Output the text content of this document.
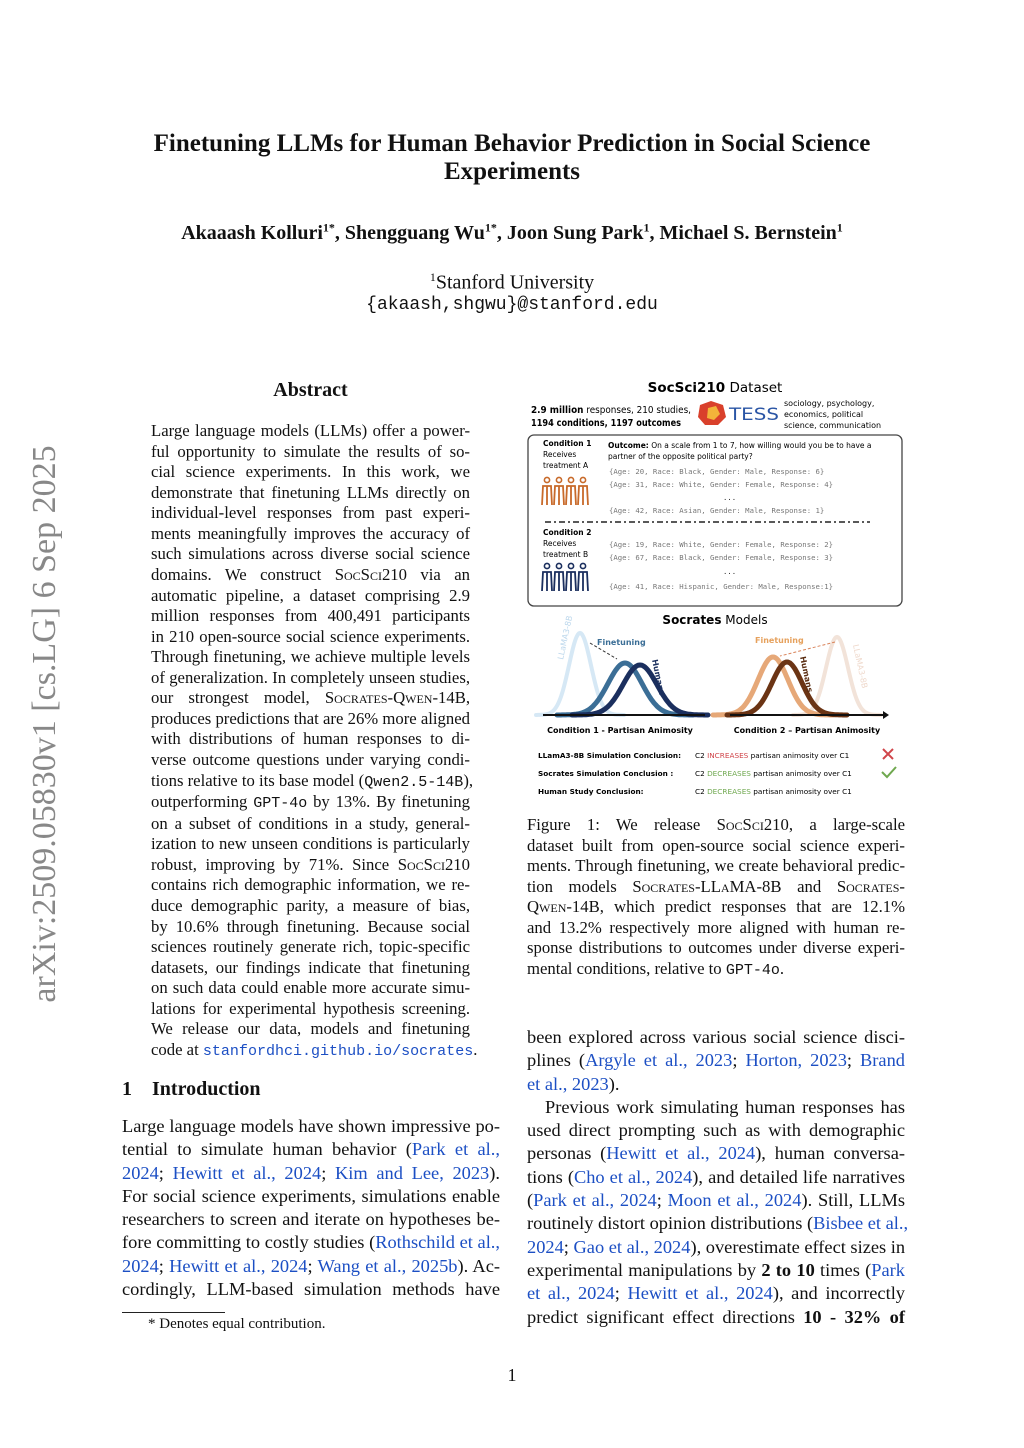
arXiv:2509.05830v1 [cs.LG] 6 Sep 2025
Finetuning LLMs for Human Behavior Prediction in Social Science Experiments
Akaaash Kolluri$^{1*}$, Shengguang $Wu^{1*}$, Joon Sung Park$^1$, Michael S. Bernstein$^1$
$^1$Stanford University
{akaash,shgwu}@stanford.edu
Abstract
Large language models (LLMs) offer a power-
ful opportunity to simulate the results of so-
cial science experiments. In this work, we
demonstrate that finetuning LLMs directly on
individual-level responses from past experi-
ments meaningfully improves the accuracy of
such simulations across diverse social science
domains. We construct SocSci210 via an
automatic pipeline, a dataset comprising 2.9
million responses from 400,491 participants
in 210 open-source social science experiments.
Through finetuning, we achieve multiple levels
of generalization. In completely unseen studies,
our strongest model, Socrates-Qwen-14B,
produces predictions that are 26% more aligned
with distributions of human responses to di-
verse outcome questions under varying condi-
tions relative to its base model (Qwen2.5-14B),
outperforming GPT-4o by 13%. By finetuning
on a subset of conditions in a study, general-
ization to new unseen conditions is particularly
robust, improving by 71%. Since SocSci210
contains rich demographic information, we re-
duce demographic parity, a measure of bias,
by 10.6% through finetuning. Because social
sciences routinely generate rich, topic-specific
datasets, our findings indicate that finetuning
on such data could enable more accurate simu-
lations for experimental hypothesis screening.
We release our data, models and finetuning
code at stanfordhci.github.io/socrates.
1 Introduction
Large language models have shown impressive po-
tential to simulate human behavior (Park et al.,
2024; Hewitt et al., 2024; Kim and Lee, 2023).
For social science experiments, simulations enable
researchers to screen and iterate on hypotheses be-
fore committing to costly studies (Rothschild et al.,
2024; Hewitt et al., 2024; Wang et al., 2025b). Ac-
cordingly, LLM-based simulation methods have
* Denotes equal contribution.
SocSci210 Dataset
2.9 million responses, 210 studies,
1194 conditions, 1197 outcomes	TESS
sociology, psychology,
economics, political
science, communication
Condition 1
Receives
treatment A
Outcome: On a scale from 1 to 7, how willing would you be to have a
partner of the opposite political party?
{Age: 20, Race: Black, Gender: Male, Response: 6}
{Age: 31, Race: White, Gender: Female, Response: 4}
...
{Age: 42, Race: Asian, Gender: Male, Response: 1}
{Age: 19, Race: White, Gender: Female, Response: 2}
{Age: 67, Race: Black, Gender: Female, Response: 3}
...
{Age: 41, Race: Hispanic, Gender: Male, Response:1}
Condition 2
Receives
treatment B
Socrates Models
LLaMA3-8B	Finetuning
Humans
Finetuning
Humans	LLaMA3-8B
Condition 1 - Partisan Animosity	Condition 2 – Partisan Animosity
LLamA3-8B Simulation Conclusion: C2 INCREASES partisan animosity over C1
Socrates Simulation Conclusion :	C2 DECREASES partisan animosity over C1
Human Study Conclusion:	C2 DECREASES partisan animosity over C1
Figure 1: We release SocSci210, a large-scale
dataset built from open-source social science experi-
ments. Through finetuning, we create behavioral predic-
tion models Socrates-LLaMA-8B and Socrates-
Qwen-14B, which predict responses that are 12.1%
and 13.2% respectively more aligned with human re-
sponse distributions to outcomes under diverse experi-
mental conditions, relative to GPT-4o.
been explored across various social science disci-
plines (Argyle et al., 2023; Horton, 2023; Brand
et al., 2023).
Previous work simulating human responses has
used direct prompting such as with demographic
personas (Hewitt et al., 2024), human conversa-
tions (Cho et al., 2024), and detailed life narratives
(Park et al., 2024; Moon et al., 2024). Still, LLMs
routinely distort opinion distributions (Bisbee et al.,
2024; Gao et al., 2024), overestimate effect sizes in
experimental manipulations by 2 to 10 times (Park
et al., 2024; Hewitt et al., 2024), and incorrectly
predict significant effect directions 10 - 32% of
1
